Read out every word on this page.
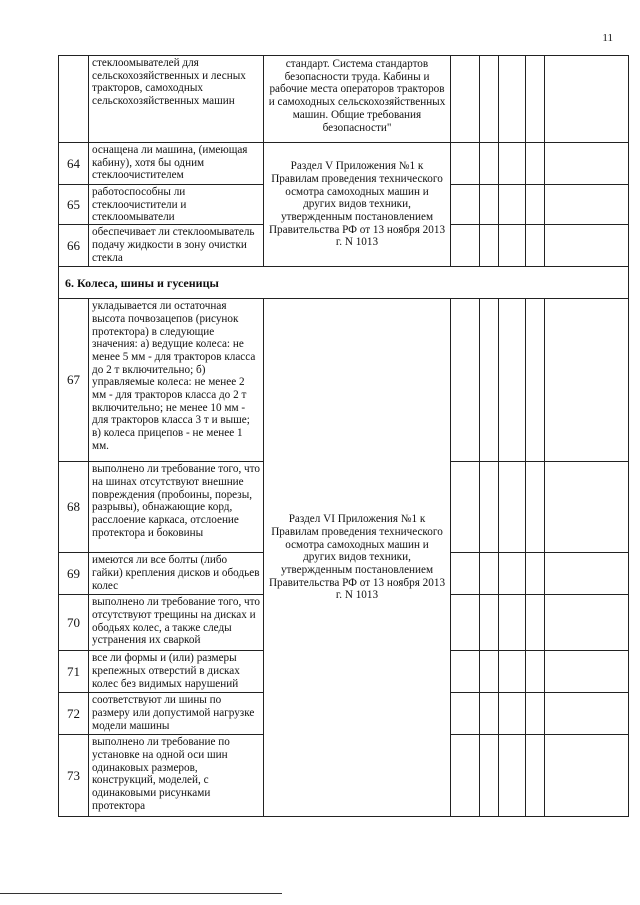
11
	стеклоомывателей для сельскохозяйственных и лесных тракторов, самоходных сельскохозяйственных машин	стандарт. Система стандартов безопасности труда. Кабины и рабочие места операторов тракторов и самоходных сельскохозяйственных машин. Общие требования безопасности"					
64	оснащена ли машина, (имеющая кабину), хотя бы одним стеклоочистителем	Раздел V Приложения №1 к Правилам проведения технического осмотра самоходных машин и других видов техники, утвержденным постановлением Правительства РФ от 13 ноября 2013 г. N 1013					
65	работоспособны ли стеклоочистители и стеклоомыватели						
66	обеспечивает ли стеклоомыватель подачу жидкости в зону очистки стекла						
6. Колеса, шины и гусеницы							
67	укладывается ли остаточная высота почвозацепов (рисунок протектора) в следующие значения: а) ведущие колеса: не менее 5 мм - для тракторов класса до 2 т включительно; б) управляемые колеса: не менее 2 мм - для тракторов класса до 2 т включительно; не менее 10 мм - для тракторов класса 3 т и выше; в) колеса прицепов - не менее 1 мм.	Раздел VI Приложения №1 к Правилам проведения технического осмотра самоходных машин и других видов техники, утвержденным постановлением Правительства РФ от 13 ноября 2013 г. N 1013					
68	выполнено ли требование того, что на шинах отсутствуют внешние повреждения (пробоины, порезы, разрывы), обнажающие корд, расслоение каркаса, отслоение протектора и боковины						
69	имеются ли все болты (либо гайки) крепления дисков и ободьев колес						
70	выполнено ли требование того, что отсутствуют трещины на дисках и ободьях колес, а также следы устранения их сваркой						
71	все ли формы и (или) размеры крепежных отверстий в дисках колес без видимых нарушений						
72	соответствуют ли шины по размеру или допустимой нагрузке модели машины						
73	выполнено ли требование по установке на одной оси шин одинаковых размеров, конструкций, моделей, с одинаковыми рисунками протектора						
